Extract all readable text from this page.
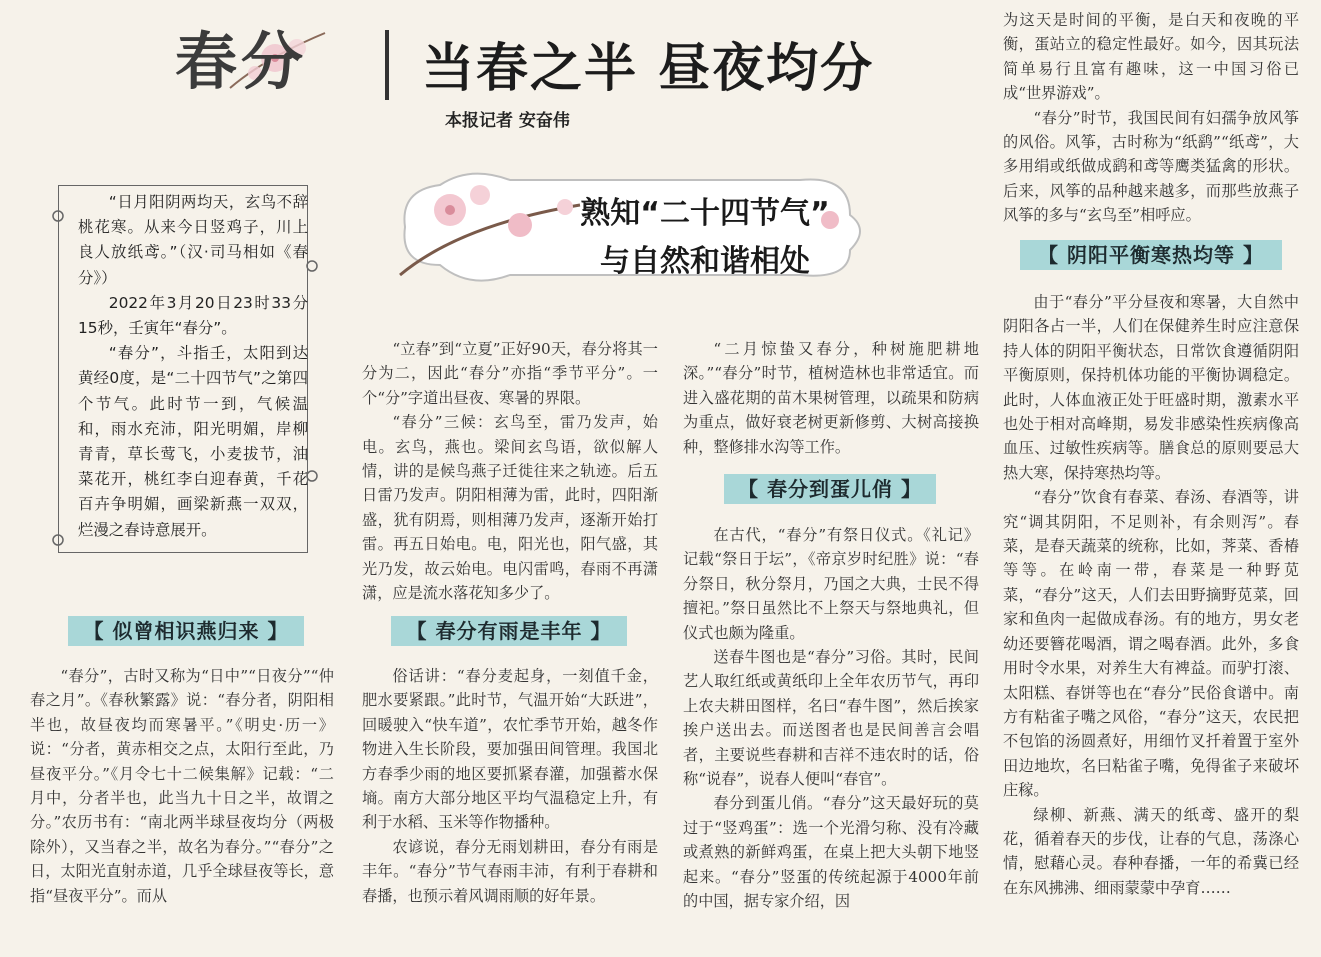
春分 当春之半 昼夜均分
本报记者 安奋伟

“日月阳阴两均天，玄鸟不辞桃花寒。从来今日竖鸡子，川上良人放纸鸢。”（汉·司马相如《春分》）

2022年3月20日23时33分15秒，壬寅年“春分”。

“春分”，斗指壬，太阳到达黄经0度，是“二十四节气”之第四个节气。此时节一到，气候温和，雨水充沛，阳光明媚，岸柳青青，草长莺飞，小麦拔节，油菜花开，桃红李白迎春黄，千花百卉争明媚，画梁新燕一双双，烂漫之春诗意展开。

熟知“二十四节气”
与自然和谐相处
【 似曾相识燕归来 】

“春分”，古时又称为“日中”“日夜分”“仲春之月”。《春秋繁露》说：“春分者，阴阳相半也，故昼夜均而寒暑平。”《明史·历一》说：“分者，黄赤相交之点，太阳行至此，乃昼夜平分。”《月令七十二候集解》记载：“二月中，分者半也，此当九十日之半，故谓之分。”农历书有：“南北两半球昼夜均分（两极除外），又当春之半，故名为春分。”“春分”之日，太阳光直射赤道，几乎全球昼夜等长，意指“昼夜平分”。而从

“立春”到“立夏”正好90天，春分将其一分为二，因此“春分”亦指“季节平分”。一个“分”字道出昼夜、寒暑的界限。

“春分”三候：玄鸟至，雷乃发声，始电。玄鸟，燕也。梁间玄鸟语，欲似解人情，讲的是候鸟燕子迁徙往来之轨迹。后五日雷乃发声。阴阳相薄为雷，此时，四阳渐盛，犹有阴焉，则相薄乃发声，逐渐开始打雷。再五日始电。电，阳光也，阳气盛，其光乃发，故云始电。电闪雷鸣，春雨不再潇潇，应是流水落花知多少了。

【 春分有雨是丰年 】

俗话讲：“春分麦起身，一刻值千金，肥水要紧跟。”此时节，气温开始“大跃进”，回暖驶入“快车道”，农忙季节开始，越冬作物进入生长阶段，要加强田间管理。我国北方春季少雨的地区要抓紧春灌，加强蓄水保墒。南方大部分地区平均气温稳定上升，有利于水稻、玉米等作物播种。

农谚说，春分无雨划耕田，春分有雨是丰年。“春分”节气春雨丰沛，有利于春耕和春播，也预示着风调雨顺的好年景。

“二月惊蛰又春分，种树施肥耕地深。”“春分”时节，植树造林也非常适宜。而进入盛花期的苗木果树管理，以疏果和防病为重点，做好衰老树更新修剪、大树高接换种，整修排水沟等工作。

【 春分到蛋儿俏 】

在古代，“春分”有祭日仪式。《礼记》记载“祭日于坛”，《帝京岁时纪胜》说：“春分祭日，秋分祭月，乃国之大典，士民不得擅祀。”祭日虽然比不上祭天与祭地典礼，但仪式也颇为隆重。

送春牛图也是“春分”习俗。其时，民间艺人取红纸或黄纸印上全年农历节气，再印上农夫耕田图样，名曰“春牛图”，然后挨家挨户送出去。而送图者也是民间善言会唱者，主要说些春耕和吉祥不违农时的话，俗称“说春”，说春人便叫“春官”。

春分到蛋儿俏。“春分”这天最好玩的莫过于“竖鸡蛋”：选一个光滑匀称、没有冷藏或煮熟的新鲜鸡蛋，在桌上把大头朝下地竖起来。“春分”竖蛋的传统起源于4000年前的中国，据专家介绍，因

为这天是时间的平衡，是白天和夜晚的平衡，蛋站立的稳定性最好。如今，因其玩法简单易行且富有趣味，这一中国习俗已成“世界游戏”。

“春分”时节，我国民间有妇孺争放风筝的风俗。风筝，古时称为“纸鹞”“纸鸢”，大多用绢或纸做成鹞和鸢等鹰类猛禽的形状。后来，风筝的品种越来越多，而那些放燕子风筝的多与“玄鸟至”相呼应。

【 阴阳平衡寒热均等 】

由于“春分”平分昼夜和寒暑，大自然中阴阳各占一半，人们在保健养生时应注意保持人体的阴阳平衡状态，日常饮食遵循阴阳平衡原则，保持机体功能的平衡协调稳定。此时，人体血液正处于旺盛时期，激素水平也处于相对高峰期，易发非感染性疾病像高血压、过敏性疾病等。膳食总的原则要忌大热大寒，保持寒热均等。

“春分”饮食有春菜、春汤、春酒等，讲究“调其阴阳，不足则补，有余则泻”。春菜，是春天蔬菜的统称，比如，荠菜、香椿等等。在岭南一带，春菜是一种野苋菜，“春分”这天，人们去田野摘野苋菜，回家和鱼肉一起做成春汤。有的地方，男女老幼还要簪花喝酒，谓之喝春酒。此外，多食用时令水果，对养生大有裨益。而驴打滚、太阳糕、春饼等也在“春分”民俗食谱中。南方有粘雀子嘴之风俗，“春分”这天，农民把不包馅的汤圆煮好，用细竹叉扦着置于室外田边地坎，名曰粘雀子嘴，免得雀子来破坏庄稼。

绿柳、新燕、满天的纸鸢、盛开的梨花，循着春天的步伐，让春的气息，荡涤心情，慰藉心灵。春种春播，一年的希冀已经在东风拂沸、细雨蒙蒙中孕育……
